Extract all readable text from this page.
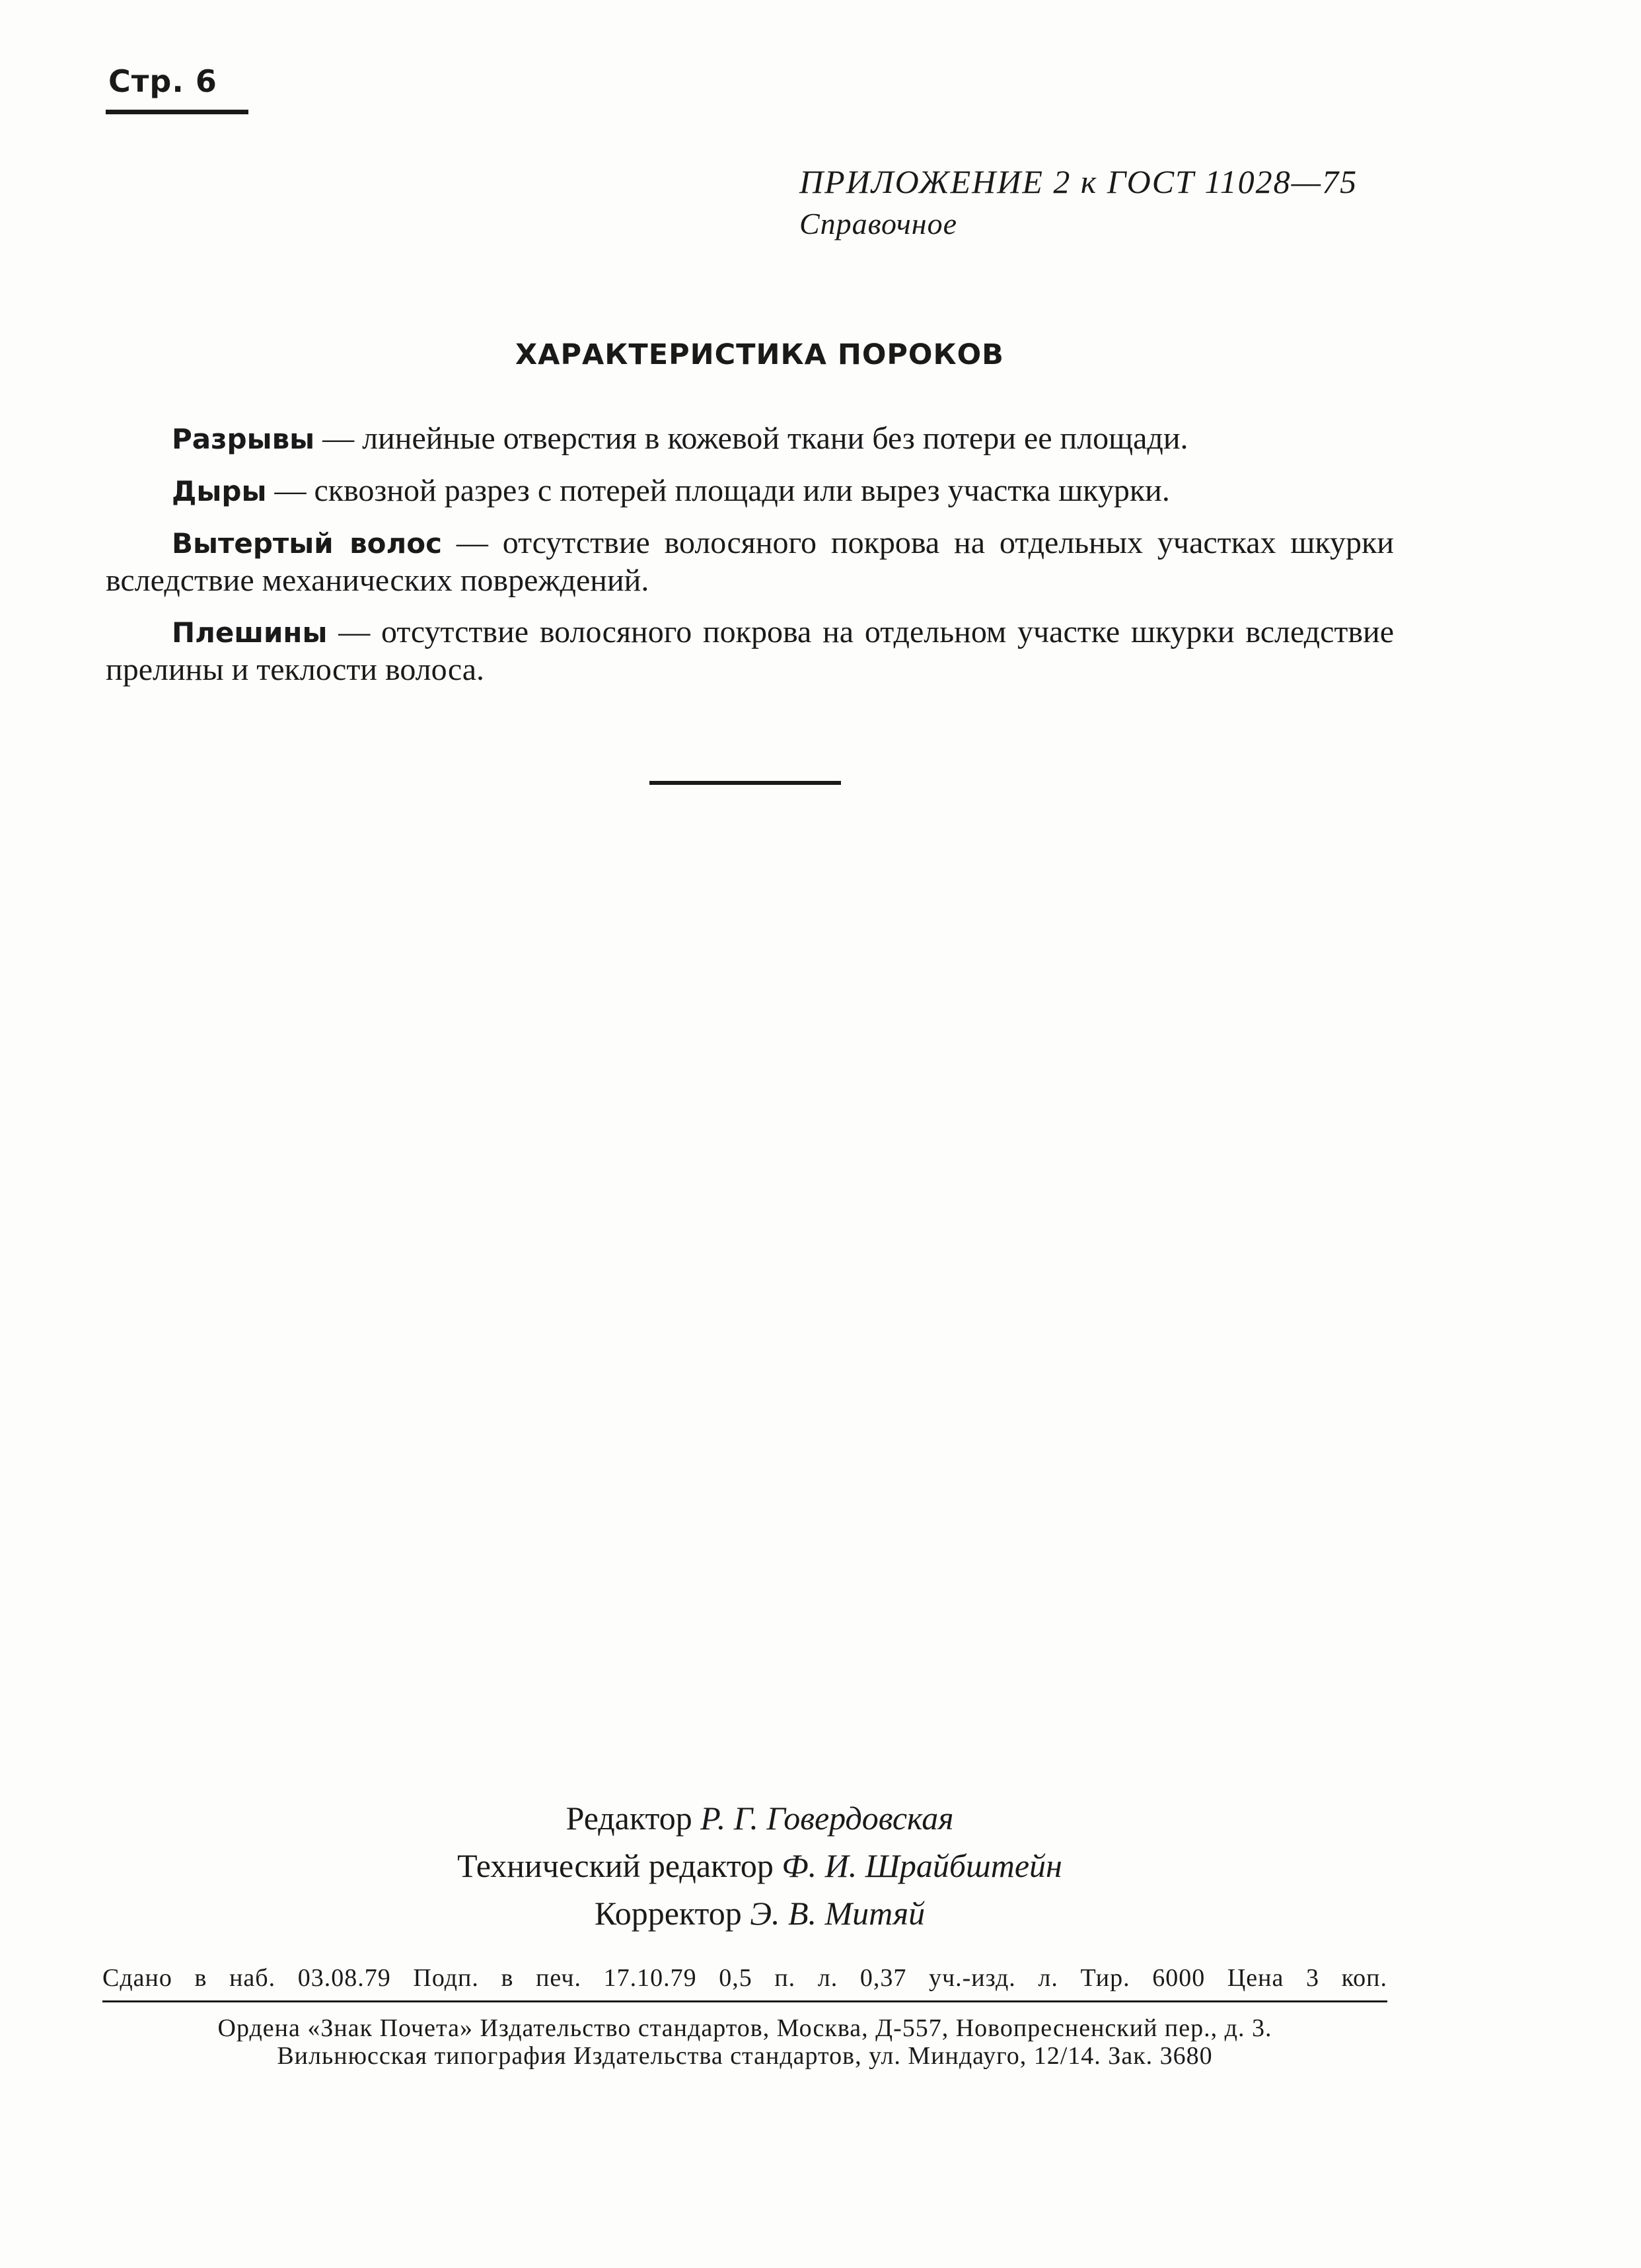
Стр. 6
ПРИЛОЖЕНИЕ 2 к ГОСТ 11028—75
Справочное
ХАРАКТЕРИСТИКА ПОРОКОВ

Разрывы — линейные отверстия в кожевой ткани без потери ее площади.

Дыры — сквозной разрез с потерей площади или вырез участка шкурки.

Вытертый волос — отсутствие волосяного покрова на отдельных участках шкурки вследствие механических повреждений.

Плешины — отсутствие волосяного покрова на отдельном участке шкурки вследствие прелины и теклости волоса.

Редактор Р. Г. Говердовская
Технический редактор Ф. И. Шрайбштейн
Корректор Э. В. Митяй
Сдано в наб. 03.08.79 Подп. в печ. 17.10.79 0,5 п. л. 0,37 уч.-изд. л. Тир. 6000 Цена 3 коп.
Ордена «Знак Почета» Издательство стандартов, Москва, Д-557, Новопресненский пер., д. 3.
Вильнюсская типография Издательства стандартов, ул. Миндауго, 12/14. Зак. 3680
